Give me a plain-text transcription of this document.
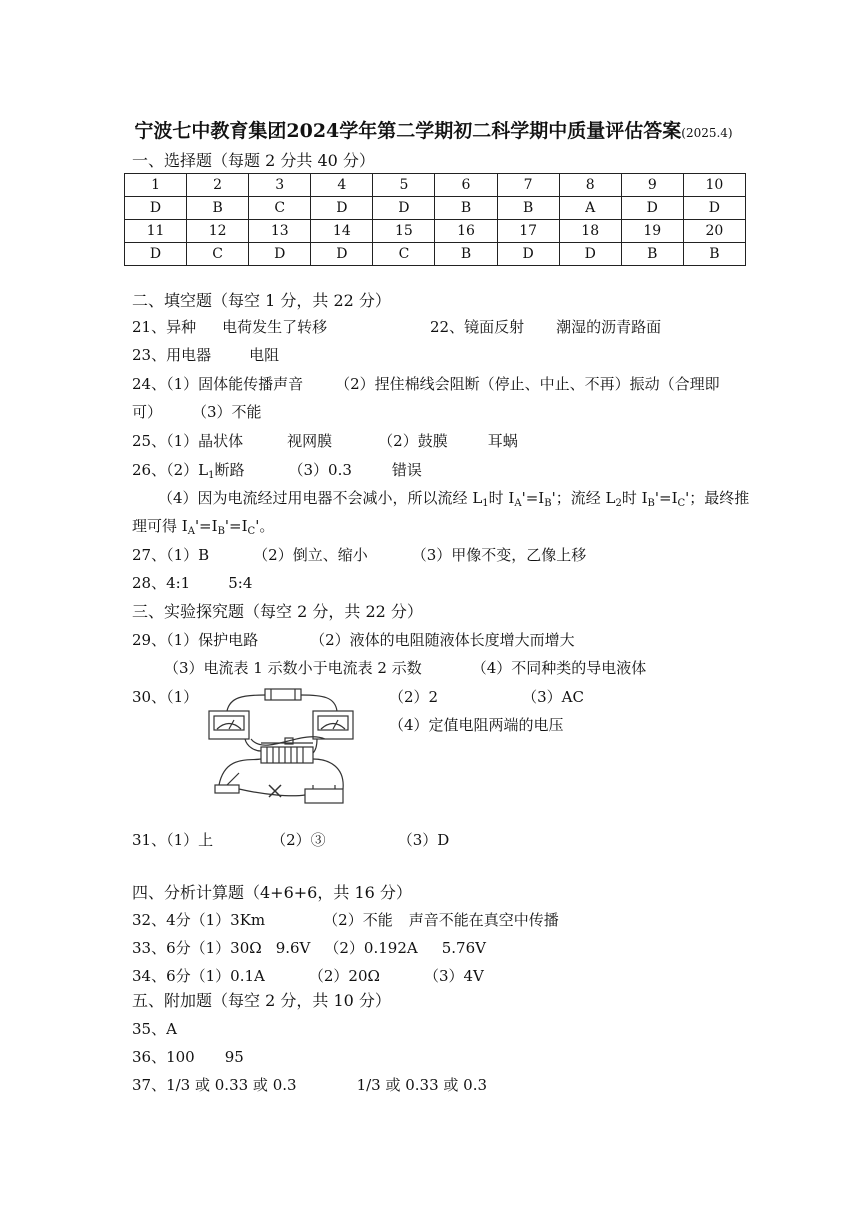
宁波七中教育集团2024学年第二学期初二科学期中质量评估答案(2025.4)
一、选择题（每题 2 分共 40 分）
1	2	3	4	5	6	7	8	9	10
D	B	C	D	D	B	B	A	D	D
11	12	13	14	15	16	17	18	19	20
D	C	D	D	C	B	D	D	B	B
二、填空题（每空 1 分，共 22 分）
21、异种 电荷发生了转移	22、镜面反射 潮湿的沥青路面
23、用电器	电阻
24、（1）固体能传播声音 （2）捏住棉线会阻断（停止、中止、不再）振动（合理即
可） （3）不能
25、（1）晶状体	视网膜	（2）鼓膜	耳蜗
26、$(2)L_1$断路	（3）0.3	错误
（4）因为电流经过用电器不会减小，所以流经 $L_1$时 $I_A'=I_B'$；流经 $L_2$时 $I_B'=I_C'$；最终推
理可得 $I_A'=I_B'=I_C'$。
27、（1）B	（2）倒立、缩小	（3）甲像不变，乙像上移
28、4:1	5:4
三、实验探究题（每空 2 分，共 22 分）
29、（1）保护电路	（2）液体的电阻随液体长度增大而增大
（3）电流表 1 示数小于电流表 2 示数	（4）不同种类的导电液体
30、（1）	（2）2	（3）AC
（4）定值电阻两端的电压
31、（1）上	（2）③	（3）D
四、分析计算题（4+6+6，共 16 分）
32、4分（1）3Km	（2）不能 声音不能在真空中传播
33、6分（1）30Ω 9.6V （2）0.192A 5.76V
34、6分（1）0.1A	（2）20Ω	（3）4V
五、附加题（每空 2 分，共 10 分）
35、A
36、100 95
37、1/3 或 0.33 或 0.3	1/3 或 0.33 或 0.3
